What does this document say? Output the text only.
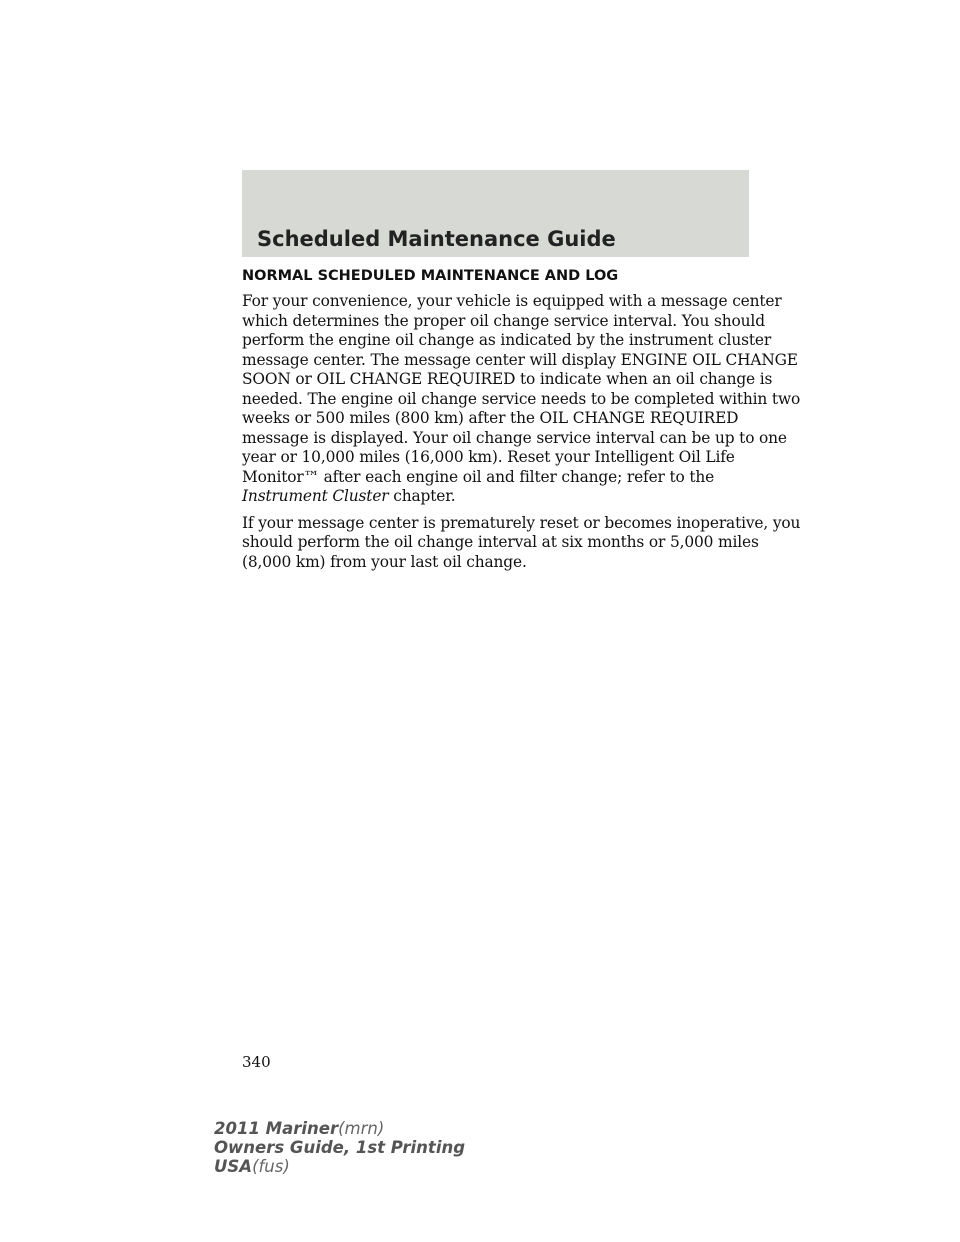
Scheduled Maintenance Guide
NORMAL SCHEDULED MAINTENANCE AND LOG
For your convenience, your vehicle is equipped with a message center
which determines the proper oil change service interval. You should
perform the engine oil change as indicated by the instrument cluster
message center. The message center will display ENGINE OIL CHANGE
SOON or OIL CHANGE REQUIRED to indicate when an oil change is
needed. The engine oil change service needs to be completed within two
weeks or 500 miles (800 km) after the OIL CHANGE REQUIRED
message is displayed. Your oil change service interval can be up to one
year or 10,000 miles (16,000 km). Reset your Intelligent Oil Life
Monitor™ after each engine oil and filter change; refer to the
Instrument Cluster chapter.
If your message center is prematurely reset or becomes inoperative, you
should perform the oil change interval at six months or 5,000 miles
(8,000 km) from your last oil change.
340
2011 Mariner(mrn)
Owners Guide, 1st Printing
USA(fus)
